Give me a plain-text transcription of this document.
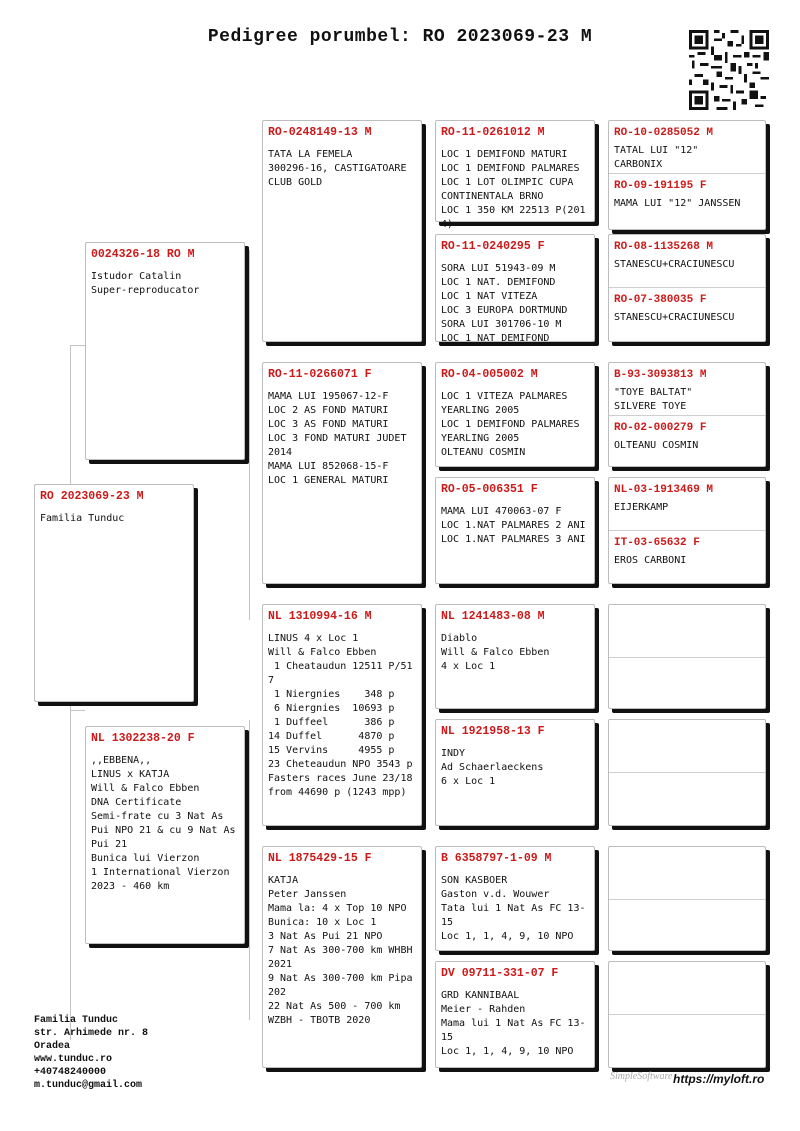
Pedigree porumbel: RO 2023069-23 M
RO 2023069-23 M
Familia Tunduc
0024326-18 RO M
Istudor Catalin
Super-reproducator
NL 1302238-20 F
,,EBBENA,,
LINUS x KATJA
Will & Falco Ebben
DNA Certificate
Semi-frate cu 3 Nat As
Pui NPO 21 & cu 9 Nat As
Pui 21
Bunica lui Vierzon
1 International Vierzon
2023 - 460 km
RO-0248149-13 M
TATA LA FEMELA
300296-16, CASTIGATOARE
CLUB GOLD
RO-11-0266071 F
MAMA LUI 195067-12-F
LOC 2 AS FOND MATURI
LOC 3 AS FOND MATURI
LOC 3 FOND MATURI JUDET
2014
MAMA LUI 852068-15-F
LOC 1 GENERAL MATURI
NL 1310994-16 M
LINUS 4 x Loc 1
Will & Falco Ebben
1 Cheataudun 12511 P/51
7
1 Niergnies    348 p
6 Niergnies  10693 p
1 Duffeel      386 p
14 Duffel      4870 p
15 Vervins     4955 p
23 Cheteaudun NPO 3543 p
Fasters races June 23/18
from 44690 p (1243 mpp)
NL 1875429-15 F
KATJA
Peter Janssen
Mama la: 4 x Top 10 NPO
Bunica: 10 x Loc 1
3 Nat As Pui 21 NPO
7 Nat As 300-700 km WHBH
2021
9 Nat As 300-700 km Pipa
202
22 Nat As 500 - 700 km
WZBH - TBOTB 2020
RO-11-0261012 M
LOC 1 DEMIFOND MATURI
LOC 1 DEMIFOND PALMARES
LOC 1 LOT OLIMPIC CUPA
CONTINENTALA BRNO
LOC 1 350 KM 22513 P(201
4)
RO-11-0240295 F
SORA LUI 51943-09 M
LOC 1 NAT. DEMIFOND
LOC 1 NAT VITEZA
LOC 3 EUROPA DORTMUND
SORA LUI 301706-10 M
LOC 1 NAT DEMIFOND
RO-04-005002 M
LOC 1 VITEZA PALMARES
YEARLING 2005
LOC 1 DEMIFOND PALMARES
YEARLING 2005
OLTEANU COSMIN
RO-05-006351 F
MAMA LUI 470063-07 F
LOC 1.NAT PALMARES 2 ANI
LOC 1.NAT PALMARES 3 ANI
NL 1241483-08 M
Diablo
Will & Falco Ebben
4 x Loc 1
NL 1921958-13 F
INDY
Ad Schaerlaeckens
6 x Loc 1
B 6358797-1-09 M
SON KASBOER
Gaston v.d. Wouwer
Tata lui 1 Nat As FC 13-
15
Loc 1, 1, 4, 9, 10 NPO
DV 09711-331-07 F
GRD KANNIBAAL
Meier - Rahden
Mama lui 1 Nat As FC 13-
15
Loc 1, 1, 4, 9, 10 NPO
RO-10-0285052 M
TATAL LUI "12"
CARBONIX
RO-09-191195 F
MAMA LUI "12" JANSSEN
RO-08-1135268 M
STANESCU+CRACIUNESCU
RO-07-380035 F
STANESCU+CRACIUNESCU
B-93-3093813 M
"TOYE BALTAT"
SILVERE TOYE
RO-02-000279 F
OLTEANU COSMIN
NL-03-1913469 M
EIJERKAMP
IT-03-65632 F
EROS CARBONI
Familia Tunduc
str. Arhimede nr. 8
Oradea
www.tunduc.ro
+40748240000
m.tunduc@gmail.com
SimpleSoftware https://myloft.ro
